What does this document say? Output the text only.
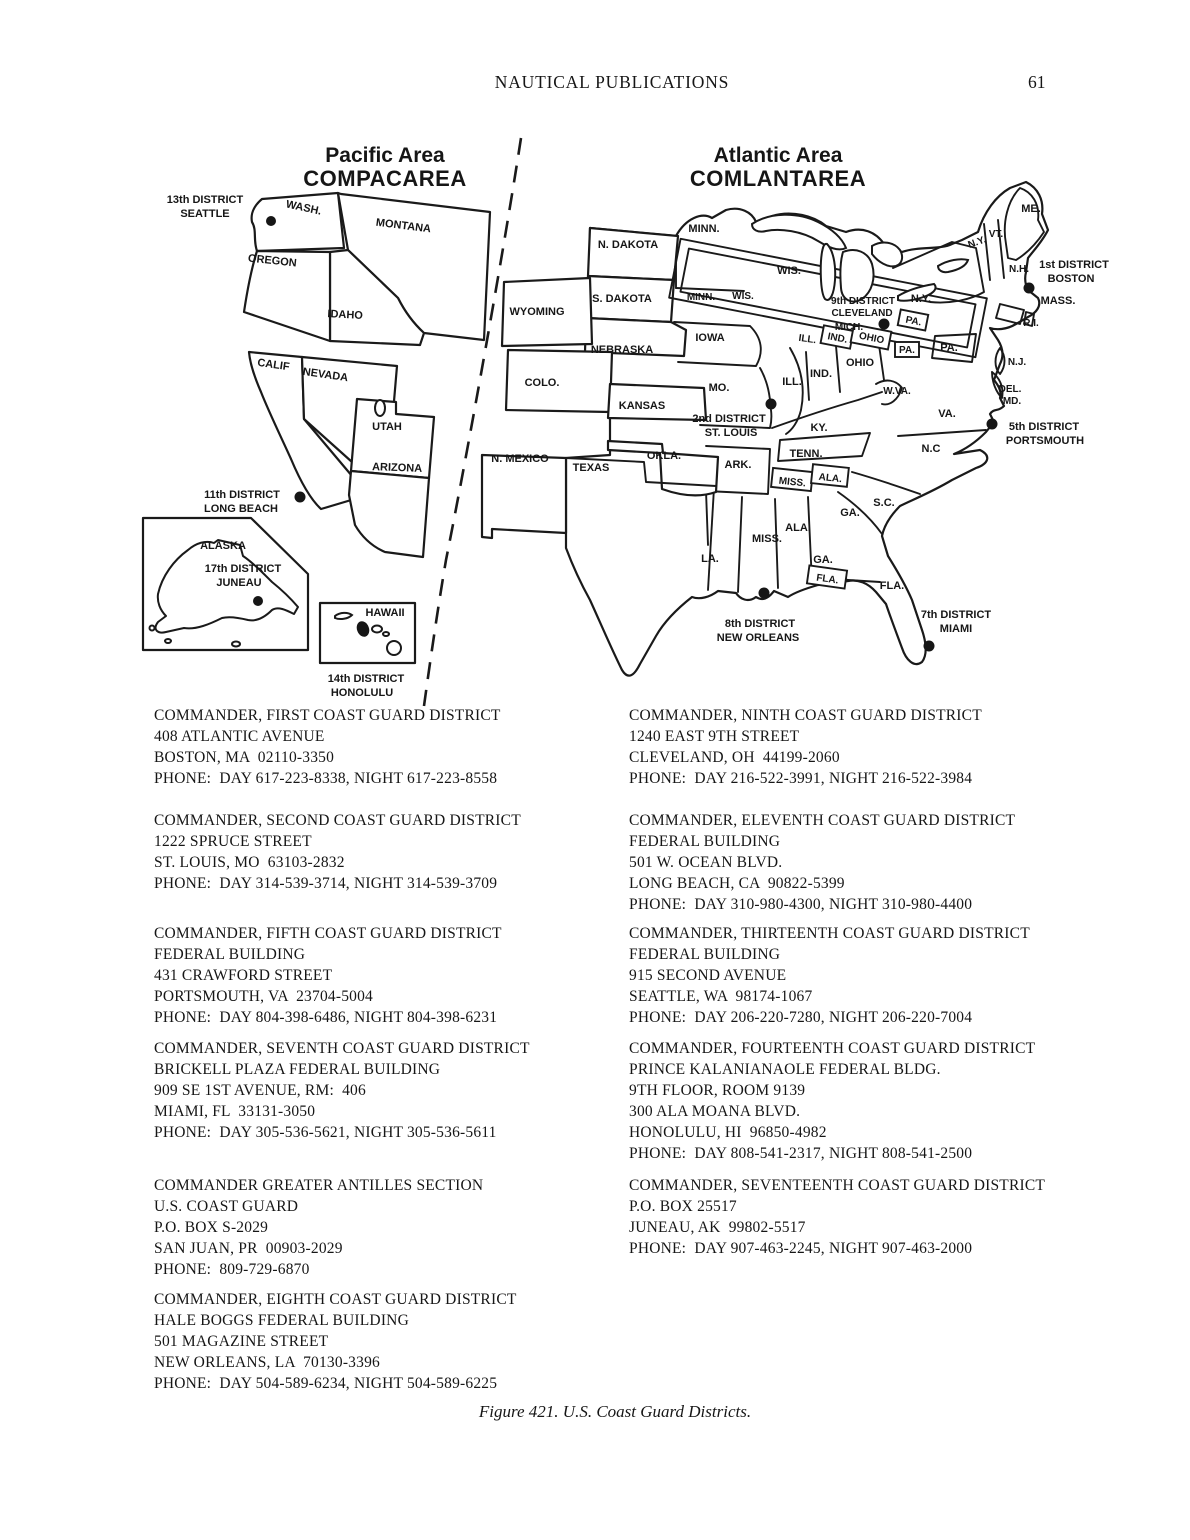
NAUTICAL PUBLICATIONS	61
Pacific Area
COMPACAREA
Atlantic Area
COMLANTAREA
WASH.
MONTANA
OREGON
IDAHO
CALIF
NEVADA
UTAH
ARIZONA
ALASKA
HAWAII
13th DISTRICT
SEATTLE
11th DISTRICT
LONG BEACH
17th DISTRICT
JUNEAU
14th DISTRICT
HONOLULU
N. DAKOTA
MINN.
WIS.
S. DAKOTA	MINN. WIS.
WYOMING
NEBRASKA
IOWA
COLO.
KANSAS
MO.
ILL. IND. OHIO
PA.
ILL.
IND.
OHIO
KY.
W.VA.
PA. PA.
N.Y.
N.Y. VT.
N.H.
ME.
MASS.
R.I.
N.J.
DEL.
MD.
VA.
N.C
S.C.
GA.
GA.
OKLA.
ARK.
TENN.
MISS. ALA.
MISS.
ALA.
LA.
FLA.	FLA.
N. MEXICO
TEXAS
MICH.
9th DISTRICT
CLEVELAND
2nd DISTRICT
ST. LOUIS
1st DISTRICT
BOSTON
5th DISTRICT
PORTSMOUTH
7th DISTRICT
MIAMI
8th DISTRICT
NEW ORLEANS
COMMANDER, FIRST COAST GUARD DISTRICT
408 ATLANTIC AVENUE
BOSTON, MA  02110-3350
PHONE:  DAY 617-223-8338, NIGHT 617-223-8558
COMMANDER, SECOND COAST GUARD DISTRICT
1222 SPRUCE STREET
ST. LOUIS, MO  63103-2832
PHONE:  DAY 314-539-3714, NIGHT 314-539-3709
COMMANDER, FIFTH COAST GUARD DISTRICT
FEDERAL BUILDING
431 CRAWFORD STREET
PORTSMOUTH, VA  23704-5004
PHONE:  DAY 804-398-6486, NIGHT 804-398-6231
COMMANDER, SEVENTH COAST GUARD DISTRICT
BRICKELL PLAZA FEDERAL BUILDING
909 SE 1ST AVENUE, RM:  406
MIAMI, FL  33131-3050
PHONE:  DAY 305-536-5621, NIGHT 305-536-5611
COMMANDER GREATER ANTILLES SECTION
U.S. COAST GUARD
P.O. BOX S-2029
SAN JUAN, PR  00903-2029
PHONE:  809-729-6870
COMMANDER, EIGHTH COAST GUARD DISTRICT
HALE BOGGS FEDERAL BUILDING
501 MAGAZINE STREET
NEW ORLEANS, LA  70130-3396
PHONE:  DAY 504-589-6234, NIGHT 504-589-6225
COMMANDER, NINTH COAST GUARD DISTRICT
1240 EAST 9TH STREET
CLEVELAND, OH  44199-2060
PHONE:  DAY 216-522-3991, NIGHT 216-522-3984
COMMANDER, ELEVENTH COAST GUARD DISTRICT
FEDERAL BUILDING
501 W. OCEAN BLVD.
LONG BEACH, CA  90822-5399
PHONE:  DAY 310-980-4300, NIGHT 310-980-4400
COMMANDER, THIRTEENTH COAST GUARD DISTRICT
FEDERAL BUILDING
915 SECOND AVENUE
SEATTLE, WA  98174-1067
PHONE:  DAY 206-220-7280, NIGHT 206-220-7004
COMMANDER, FOURTEENTH COAST GUARD DISTRICT
PRINCE KALANIANAOLE FEDERAL BLDG.
9TH FLOOR, ROOM 9139
300 ALA MOANA BLVD.
HONOLULU, HI  96850-4982
PHONE:  DAY 808-541-2317, NIGHT 808-541-2500
COMMANDER, SEVENTEENTH COAST GUARD DISTRICT
P.O. BOX 25517
JUNEAU, AK  99802-5517
PHONE:  DAY 907-463-2245, NIGHT 907-463-2000
Figure 421. U.S. Coast Guard Districts.
